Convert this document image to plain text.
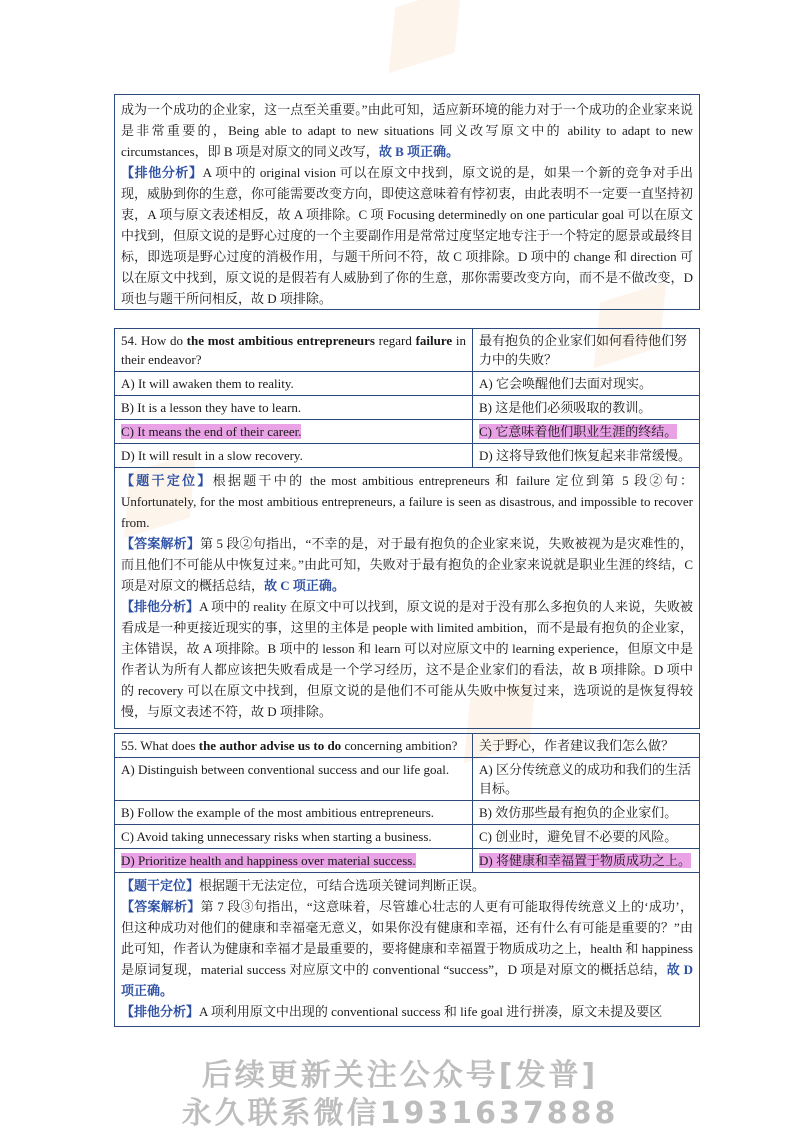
成为一个成功的企业家，这一点至关重要。”由此可知，适应新环境的能力对于一个成功的企业家来说是非常重要的，Being able to adapt to new situations 同义改写原文中的 ability to adapt to new circumstances，即 B 项是对原文的同义改写，故 B 项正确。
【排他分析】A 项中的 original vision 可以在原文中找到，原文说的是，如果一个新的竞争对手出现，威胁到你的生意，你可能需要改变方向，即使这意味着有悖初衷，由此表明不一定要一直坚持初衷，A 项与原文表述相反，故 A 项排除。C 项 Focusing determinedly on one particular goal 可以在原文中找到，但原文说的是野心过度的一个主要副作用是常常过度坚定地专注于一个特定的愿景或最终目标，即选项是野心过度的消极作用，与题干所问不符，故 C 项排除。D 项中的 change 和 direction 可以在原文中找到，原文说的是假若有人威胁到了你的生意，那你需要改变方向，而不是不做改变，D 项也与题干所问相反，故 D 项排除。
54. How do the most ambitious entrepreneurs regard failure in their endeavor?	最有抱负的企业家们如何看待他们努力中的失败？
A) It will awaken them to reality.	A) 它会唤醒他们去面对现实。
B) It is a lesson they have to learn.	B) 这是他们必须吸取的教训。
C) It means the end of their career.	C) 它意味着他们职业生涯的终结。
D) It will result in a slow recovery.	D) 这将导致他们恢复起来非常缓慢。

【题干定位】根据题干中的 the most ambitious entrepreneurs 和 failure 定位到第 5 段②句：Unfortunately, for the most ambitious entrepreneurs, a failure is seen as disastrous, and impossible to recover from.
【答案解析】第 5 段②句指出，“不幸的是，对于最有抱负的企业家来说，失败被视为是灾难性的，而且他们不可能从中恢复过来。”由此可知，失败对于最有抱负的企业家来说就是职业生涯的终结，C 项是对原文的概括总结，故 C 项正确。
【排他分析】A 项中的 reality 在原文中可以找到，原文说的是对于没有那么多抱负的人来说，失败被看成是一种更接近现实的事，这里的主体是 people with limited ambition，而不是最有抱负的企业家，主体错误，故 A 项排除。B 项中的 lesson 和 learn 可以对应原文中的 learning experience，但原文中是作者认为所有人都应该把失败看成是一个学习经历，这不是企业家们的看法，故 B 项排除。D 项中的 recovery 可以在原文中找到，但原文说的是他们不可能从失败中恢复过来，选项说的是恢复得较慢，与原文表述不符，故 D 项排除。	
55. What does the author advise us to do concerning ambition?	关于野心，作者建议我们怎么做？
A) Distinguish between conventional success and our life goal.	A) 区分传统意义的成功和我们的生活目标。
B) Follow the example of the most ambitious entrepreneurs.	B) 效仿那些最有抱负的企业家们。
C) Avoid taking unnecessary risks when starting a business.	C) 创业时，避免冒不必要的风险。
D) Prioritize health and happiness over material success.	D) 将健康和幸福置于物质成功之上。

【题干定位】根据题干无法定位，可结合选项关键词判断正误。
【答案解析】第 7 段③句指出，“这意味着，尽管雄心壮志的人更有可能取得传统意义上的‘成功’，但这种成功对他们的健康和幸福毫无意义，如果你没有健康和幸福，还有什么有可能是重要的？”由此可知，作者认为健康和幸福才是最重要的，要将健康和幸福置于物质成功之上，health 和 happiness 是原词复现，material success 对应原文中的 conventional “success”，D 项是对原文的概括总结，故 D 项正确。
【排他分析】A 项利用原文中出现的 conventional success 和 life goal 进行拼凑，原文未提及要区	
后续更新关注公众号[发普]
永久联系微信1931637888
